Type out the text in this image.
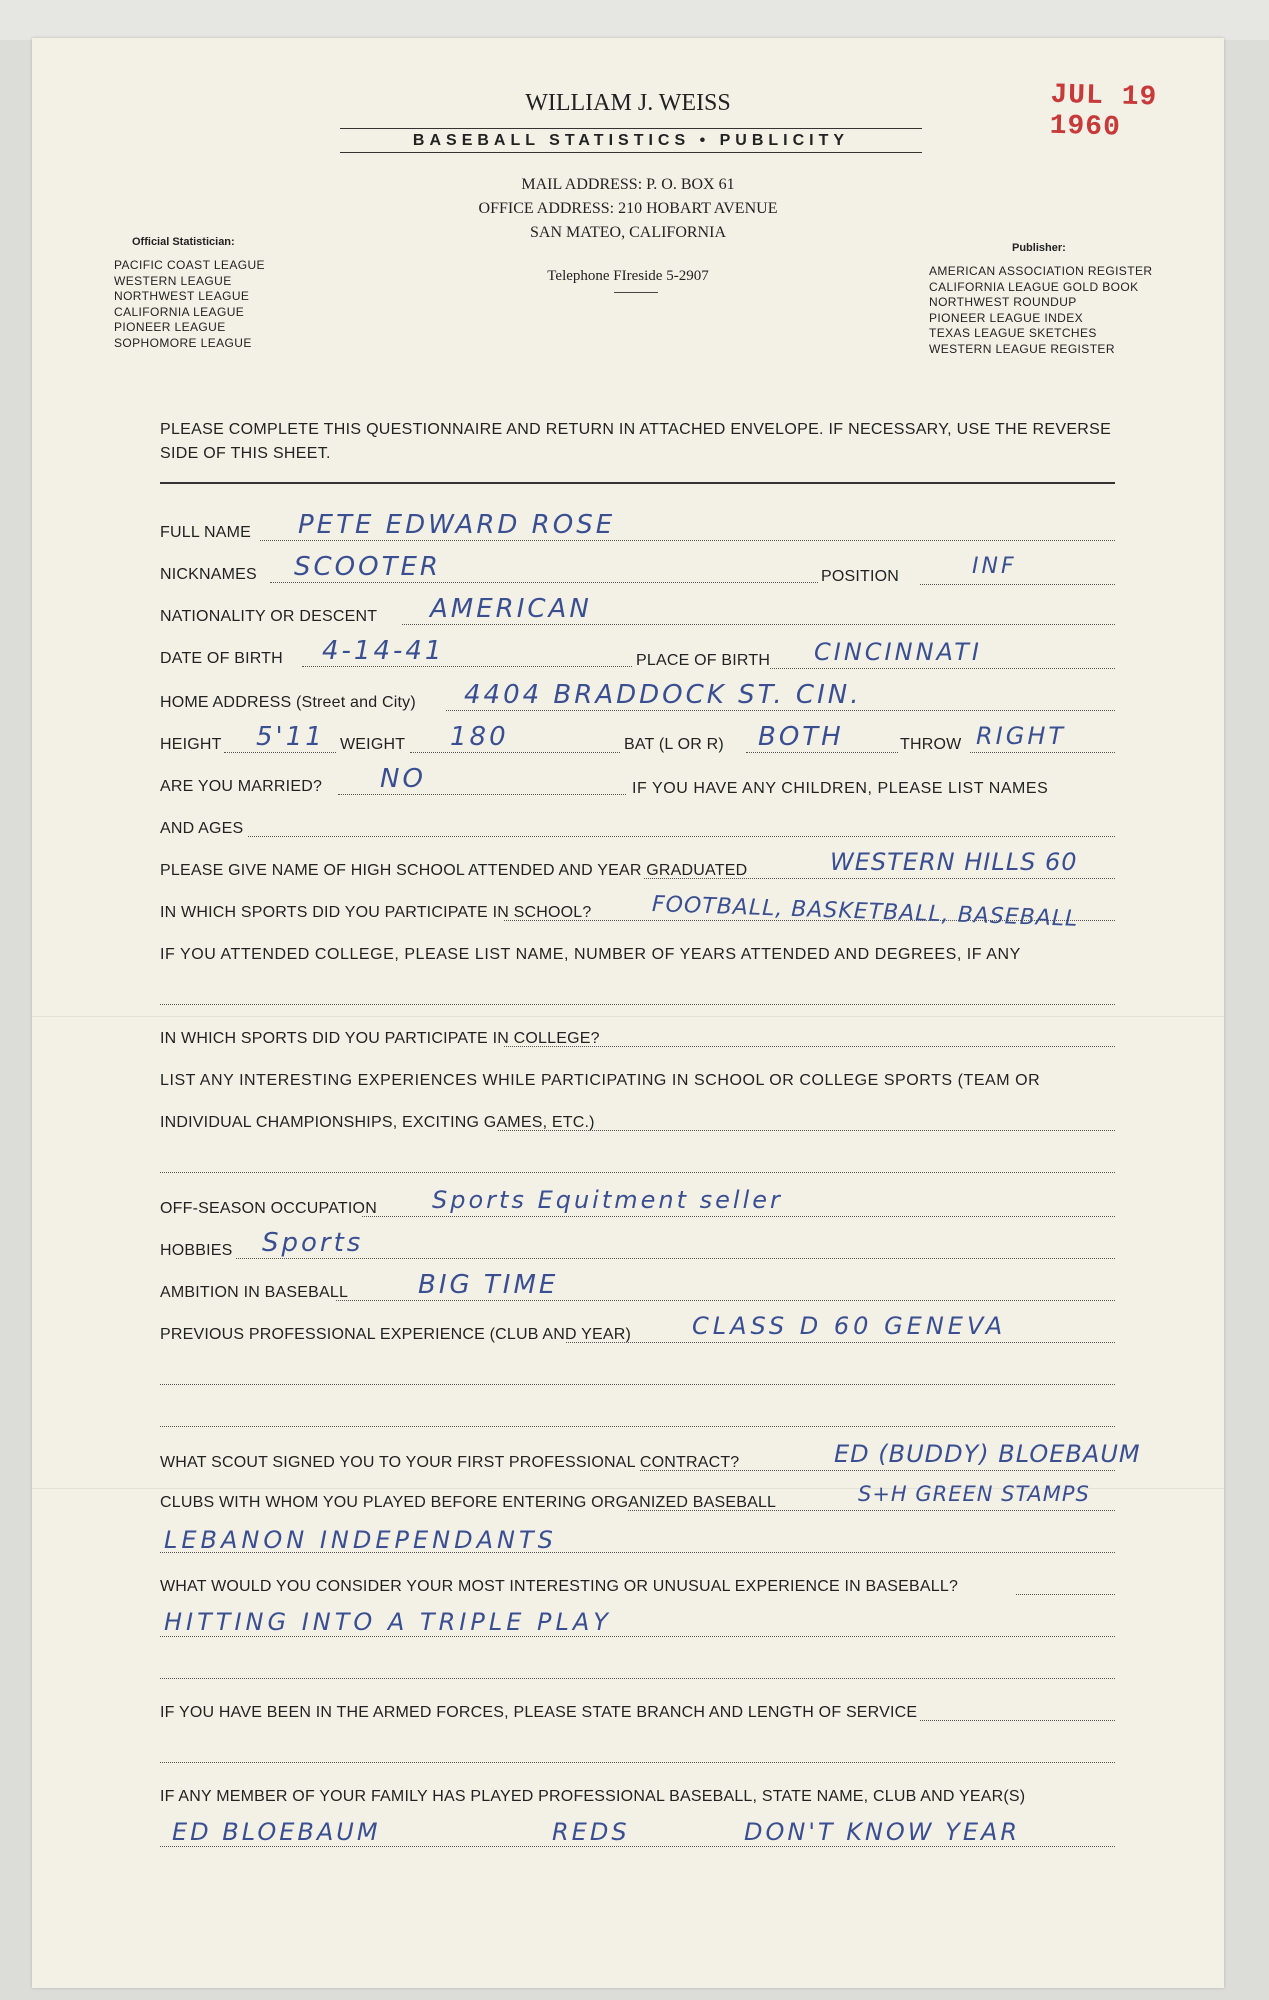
WILLIAM J. WEISS
BASEBALL STATISTICS • PUBLICITY
MAIL ADDRESS: P. O. BOX 61
OFFICE ADDRESS: 210 HOBART AVENUE
SAN MATEO, CALIFORNIA
Telephone FIreside 5-2907
JUL 19 1960
Official Statistician:
PACIFIC COAST LEAGUE
WESTERN LEAGUE
NORTHWEST LEAGUE
CALIFORNIA LEAGUE
PIONEER LEAGUE
SOPHOMORE LEAGUE
Publisher:
AMERICAN ASSOCIATION REGISTER
CALIFORNIA LEAGUE GOLD BOOK
NORTHWEST ROUNDUP
PIONEER LEAGUE INDEX
TEXAS LEAGUE SKETCHES
WESTERN LEAGUE REGISTER
PLEASE COMPLETE THIS QUESTIONNAIRE AND RETURN IN ATTACHED ENVELOPE. IF NECESSARY, USE THE REVERSE SIDE OF THIS SHEET.
FULL NAME PETE EDWARD ROSE
NICKNAMES SCOOTER	POSITION	INF
NATIONALITY OR DESCENT AMERICAN
DATE OF BIRTH 4-14-41	PLACE OF BIRTH CINCINNATI
HOME ADDRESS (Street and City) 4404 BRADDOCK ST. CIN.
HEIGHT 5'11 WEIGHT 180	BAT (L OR R) BOTH	THROW RIGHT
ARE YOU MARRIED? NO	IF YOU HAVE ANY CHILDREN, PLEASE LIST NAMES
AND AGES
PLEASE GIVE NAME OF HIGH SCHOOL ATTENDED AND YEAR GRADUATED	WESTERN HILLS 60
IN WHICH SPORTS DID YOU PARTICIPATE IN SCHOOL?	FOOTBALL, BASKETBALL, BASEBALL
IF YOU ATTENDED COLLEGE, PLEASE LIST NAME, NUMBER OF YEARS ATTENDED AND DEGREES, IF ANY
IN WHICH SPORTS DID YOU PARTICIPATE IN COLLEGE?
LIST ANY INTERESTING EXPERIENCES WHILE PARTICIPATING IN SCHOOL OR COLLEGE SPORTS (TEAM OR
INDIVIDUAL CHAMPIONSHIPS, EXCITING GAMES, ETC.)
OFF-SEASON OCCUPATION Sports Equitment seller
HOBBIES Sports
AMBITION IN BASEBALL	BIG TIME
PREVIOUS PROFESSIONAL EXPERIENCE (CLUB AND YEAR)	CLASS D 60 GENEVA
WHAT SCOUT SIGNED YOU TO YOUR FIRST PROFESSIONAL CONTRACT?	ED (BUDDY) BLOEBAUM
CLUBS WITH WHOM YOU PLAYED BEFORE ENTERING ORGANIZED BASEBALL	S+H GREEN STAMPS
LEBANON INDEPENDANTS
WHAT WOULD YOU CONSIDER YOUR MOST INTERESTING OR UNUSUAL EXPERIENCE IN BASEBALL?
HITTING INTO A TRIPLE PLAY
IF YOU HAVE BEEN IN THE ARMED FORCES, PLEASE STATE BRANCH AND LENGTH OF SERVICE
IF ANY MEMBER OF YOUR FAMILY HAS PLAYED PROFESSIONAL BASEBALL, STATE NAME, CLUB AND YEAR(S)
ED BLOEBAUM	REDS	DON'T KNOW YEAR
